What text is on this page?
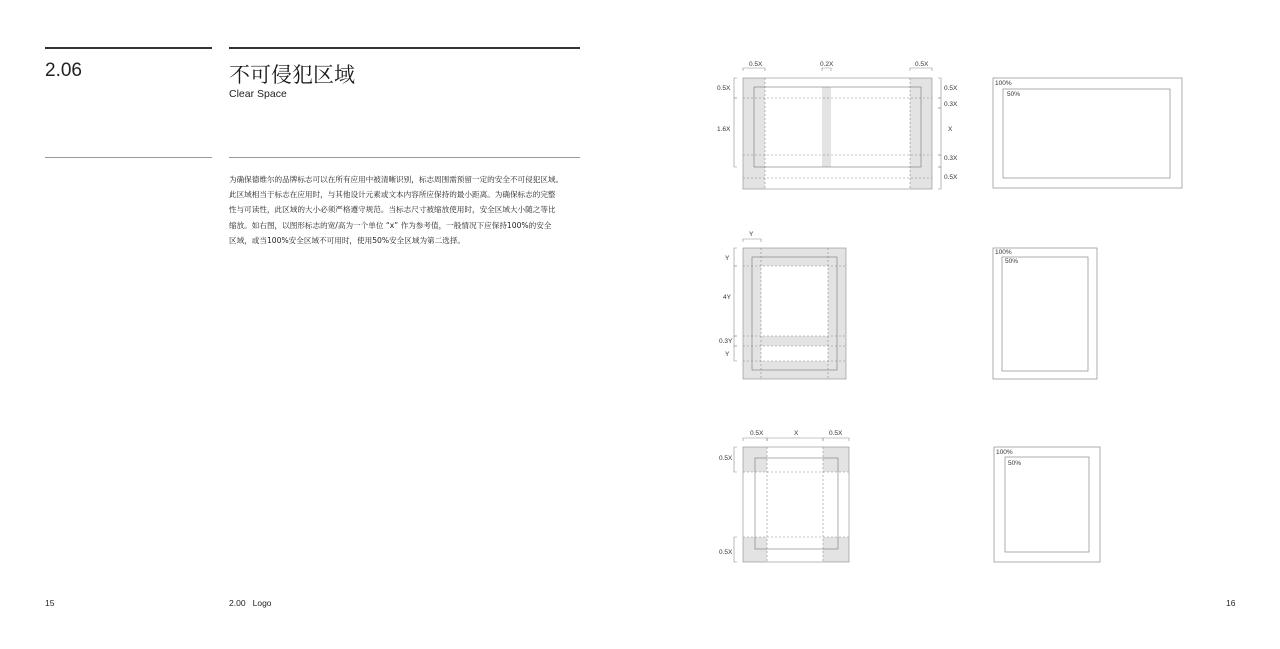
2.06	不可侵犯区域
Clear Space

为确保德维尔的品牌标志可以在所有应用中被清晰识别，标志周围需预留一定的安全不可侵犯区域。

此区域相当于标志在应用时，与其他设计元素或文本内容所应保持的最小距离。为确保标志的完整

性与可读性，此区域的大小必须严格遵守规范。当标志尺寸被缩放使用时，安全区域大小随之等比

缩放。如右图，以图形标志的宽/高为一个单位 “x” 作为参考值，一般情况下应保持100%的安全

区域，或当100%安全区域不可用时，使用50%安全区域为第二选择。

15	2.00   Logo	16
0.5X	0.2X	0.5X
0.5X
1.6X
0.5X
0.3X
X
0.3X
0.5X
100%
50%
Y
Y
4Y
0.3Y
Y
100%
50%
0.5X	X	0.5X
0.5X
0.5X
100%
50%
